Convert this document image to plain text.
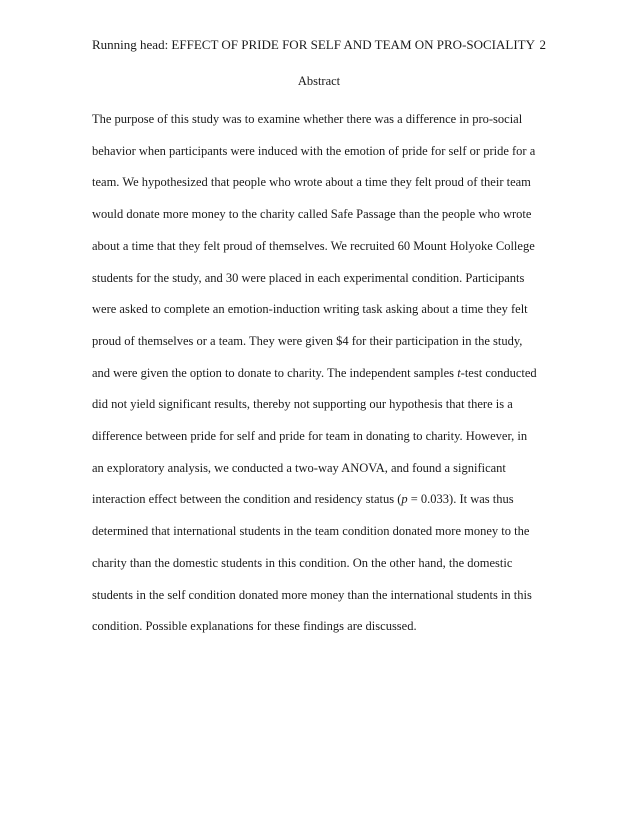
Running head: EFFECT OF PRIDE FOR SELF AND TEAM ON PRO-SOCIALITY 2
Abstract
The purpose of this study was to examine whether there was a difference in pro-social
behavior when participants were induced with the emotion of pride for self or pride for a
team. We hypothesized that people who wrote about a time they felt proud of their team
would donate more money to the charity called Safe Passage than the people who wrote
about a time that they felt proud of themselves. We recruited 60 Mount Holyoke College
students for the study, and 30 were placed in each experimental condition. Participants
were asked to complete an emotion-induction writing task asking about a time they felt
proud of themselves or a team. They were given $4 for their participation in the study,
and were given the option to donate to charity. The independent samples t-test conducted
did not yield significant results, thereby not supporting our hypothesis that there is a
difference between pride for self and pride for team in donating to charity. However, in
an exploratory analysis, we conducted a two-way ANOVA, and found a significant
interaction effect between the condition and residency status (p = 0.033). It was thus
determined that international students in the team condition donated more money to the
charity than the domestic students in this condition. On the other hand, the domestic
students in the self condition donated more money than the international students in this
condition. Possible explanations for these findings are discussed.
